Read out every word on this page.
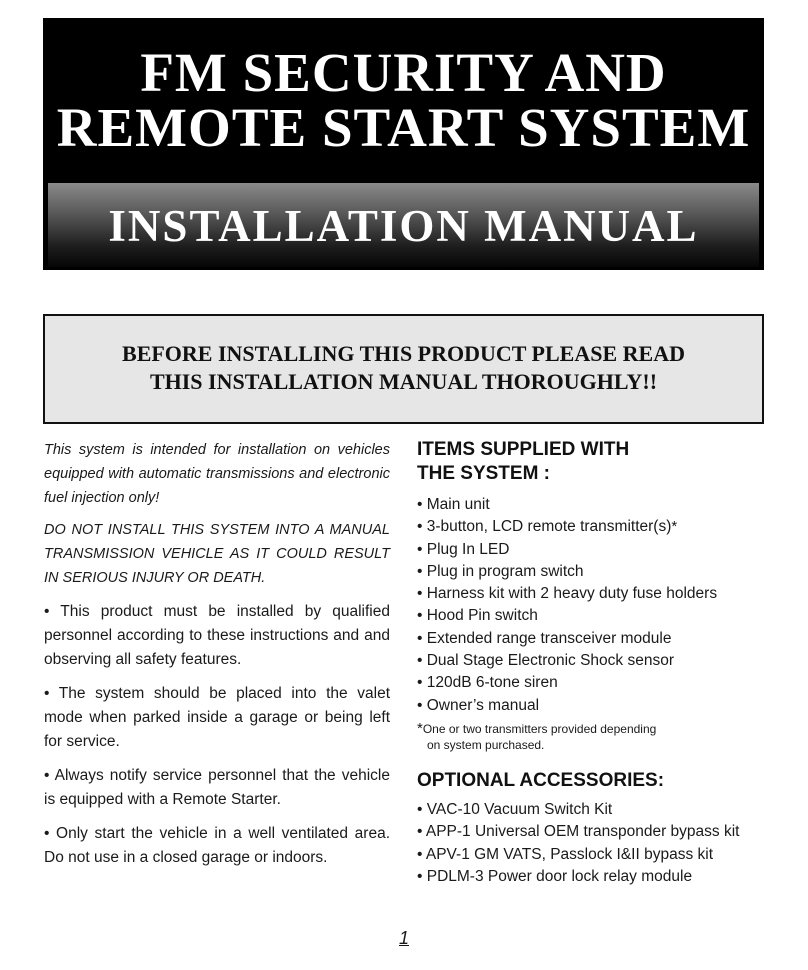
FM SECURITY AND
REMOTE START SYSTEM
INSTALLATION MANUAL
BEFORE INSTALLING THIS PRODUCT PLEASE READ
THIS INSTALLATION MANUAL THOROUGHLY!!

This system is intended for installation on vehicles equipped with automatic transmissions and electronic fuel injection only!

DO NOT INSTALL THIS SYSTEM INTO A MANUAL TRANSMISSION VEHICLE AS IT COULD RESULT IN SERIOUS INJURY OR DEATH.

• This product must be installed by qualified personnel according to these instructions and and observing all safety features.

• The system should be placed into the valet mode when parked inside a garage or being left for service.

• Always notify service personnel that the vehicle is equipped with a Remote Starter.

• Only start the vehicle in a well ventilated area. Do not use in a closed garage or indoors.

ITEMS SUPPLIED WITH
THE SYSTEM :
• Main unit
• 3-button, LCD remote transmitter(s)*
• Plug In LED
• Plug in program switch
• Harness kit with 2 heavy duty fuse holders
• Hood Pin switch
• Extended range transceiver module
• Dual Stage Electronic Shock sensor
• 120dB 6-tone siren
• Owner’s manual
*One or two transmitters provided depending
on system purchased.
OPTIONAL ACCESSORIES:
• VAC-10 Vacuum Switch Kit
• APP-1 Universal OEM transponder bypass kit
• APV-1 GM VATS, Passlock I&II bypass kit
• PDLM-3 Power door lock relay module
1
